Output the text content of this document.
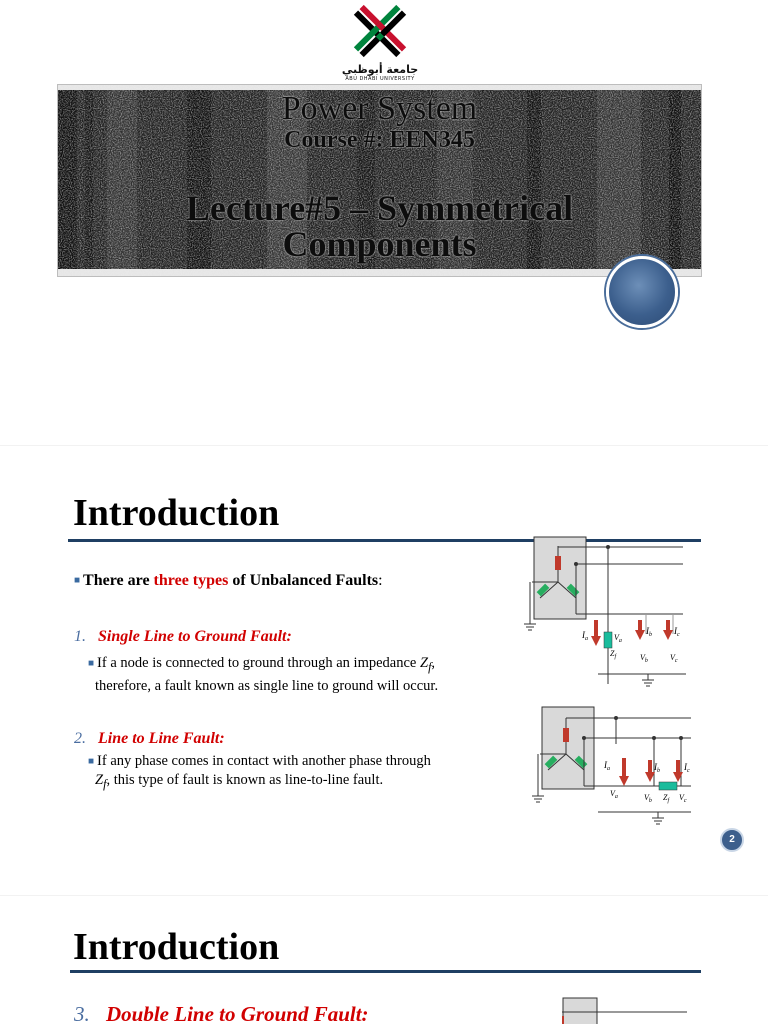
جامعة أبوظبي
ABU DHABI UNIVERSITY
Power System
Course #: EEN345
Lecture#5 – Symmetrical
Components
Introduction
■ There are three types of Unbalanced Faults:
1. Single Line to Ground Fault:
■ If a node is connected to ground through an impedance $Z_f$,
therefore, a fault known as single line to ground will occur.
2. Line to Line Fault:
■ If any phase comes in contact with another phase through
$Z_f$, this type of fault is known as line-to-line fault.
$I_a$	$V_a$
$Z_f$
$I_b$ $I_c$
$V_b$	$V_c$
$I_a$
$V_a$
$I_b$	$I_c$
$V_b$ $Z_f$ $V_c$
2
Introduction
3. Double Line to Ground Fault:
